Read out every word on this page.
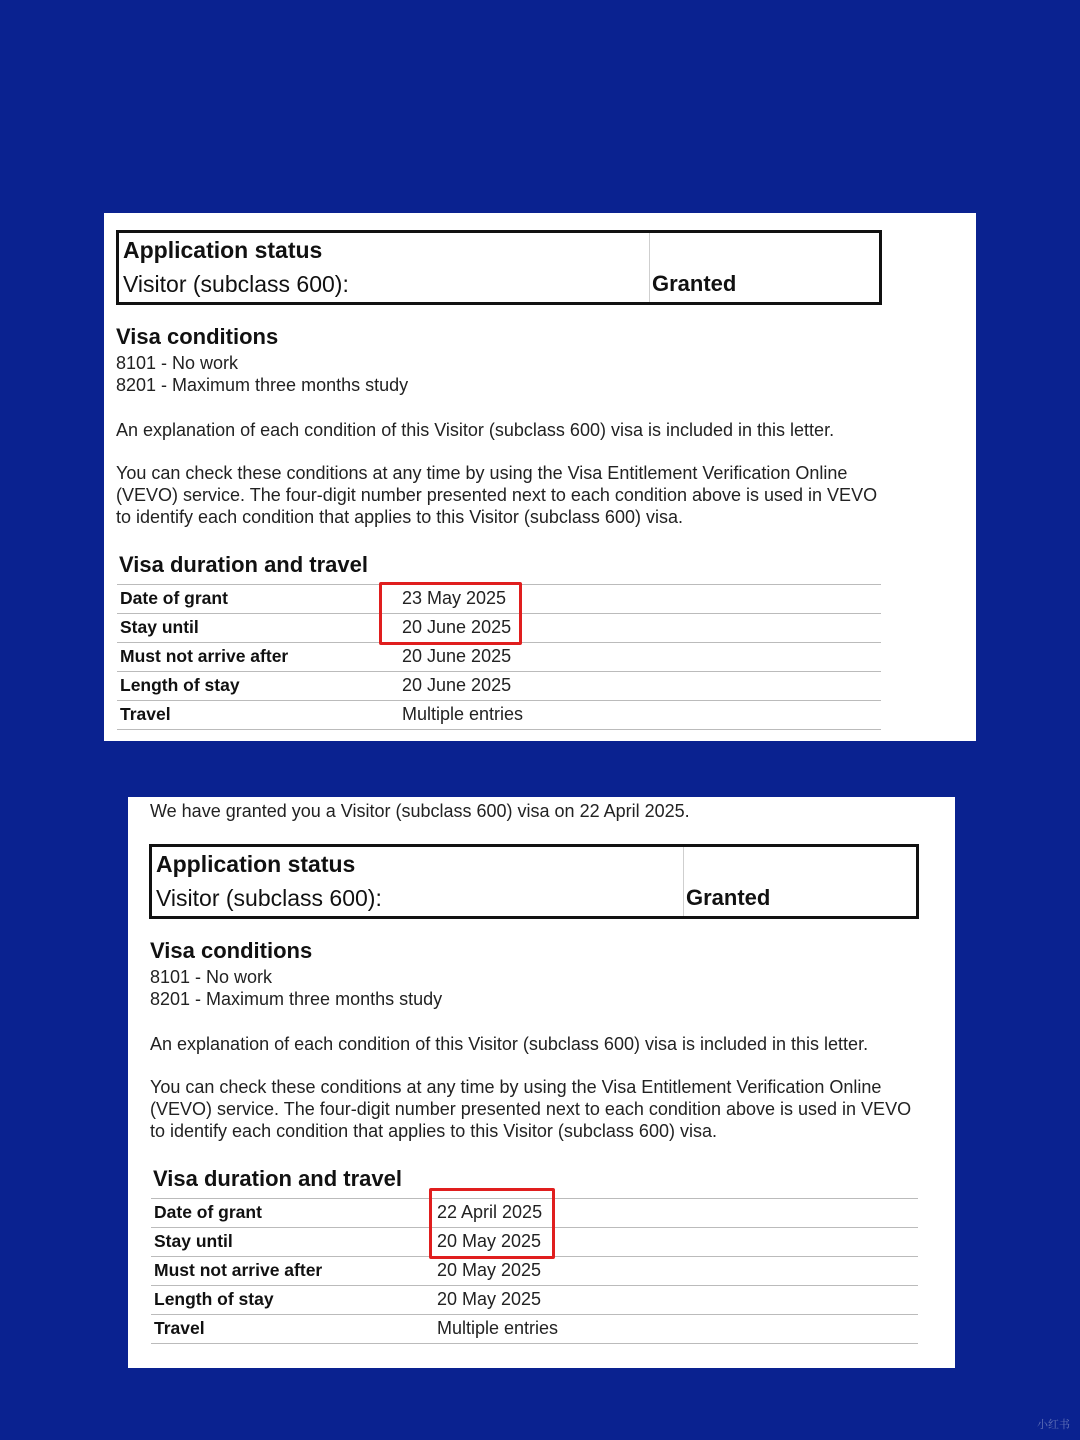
Application status
Visitor (subclass 600):	Granted
Visa conditions
8101 - No work
8201 - Maximum three months study
An explanation of each condition of this Visitor (subclass 600) visa is included in this letter.
You can check these conditions at any time by using the Visa Entitlement Verification Online (VEVO) service. The four-digit number presented next to each condition above is used in VEVO to identify each condition that applies to this Visitor (subclass 600) visa.
Visa duration and travel
Date of grant	23 May 2025
Stay until	20 June 2025
Must not arrive after	20 June 2025
Length of stay	20 June 2025
Travel	Multiple entries
We have granted you a Visitor (subclass 600) visa on 22 April 2025.
Application status
Visitor (subclass 600):	Granted
Visa conditions
8101 - No work
8201 - Maximum three months study
An explanation of each condition of this Visitor (subclass 600) visa is included in this letter.
You can check these conditions at any time by using the Visa Entitlement Verification Online (VEVO) service. The four-digit number presented next to each condition above is used in VEVO to identify each condition that applies to this Visitor (subclass 600) visa.
Visa duration and travel
Date of grant	22 April 2025
Stay until	20 May 2025
Must not arrive after	20 May 2025
Length of stay	20 May 2025
Travel	Multiple entries
小红书
